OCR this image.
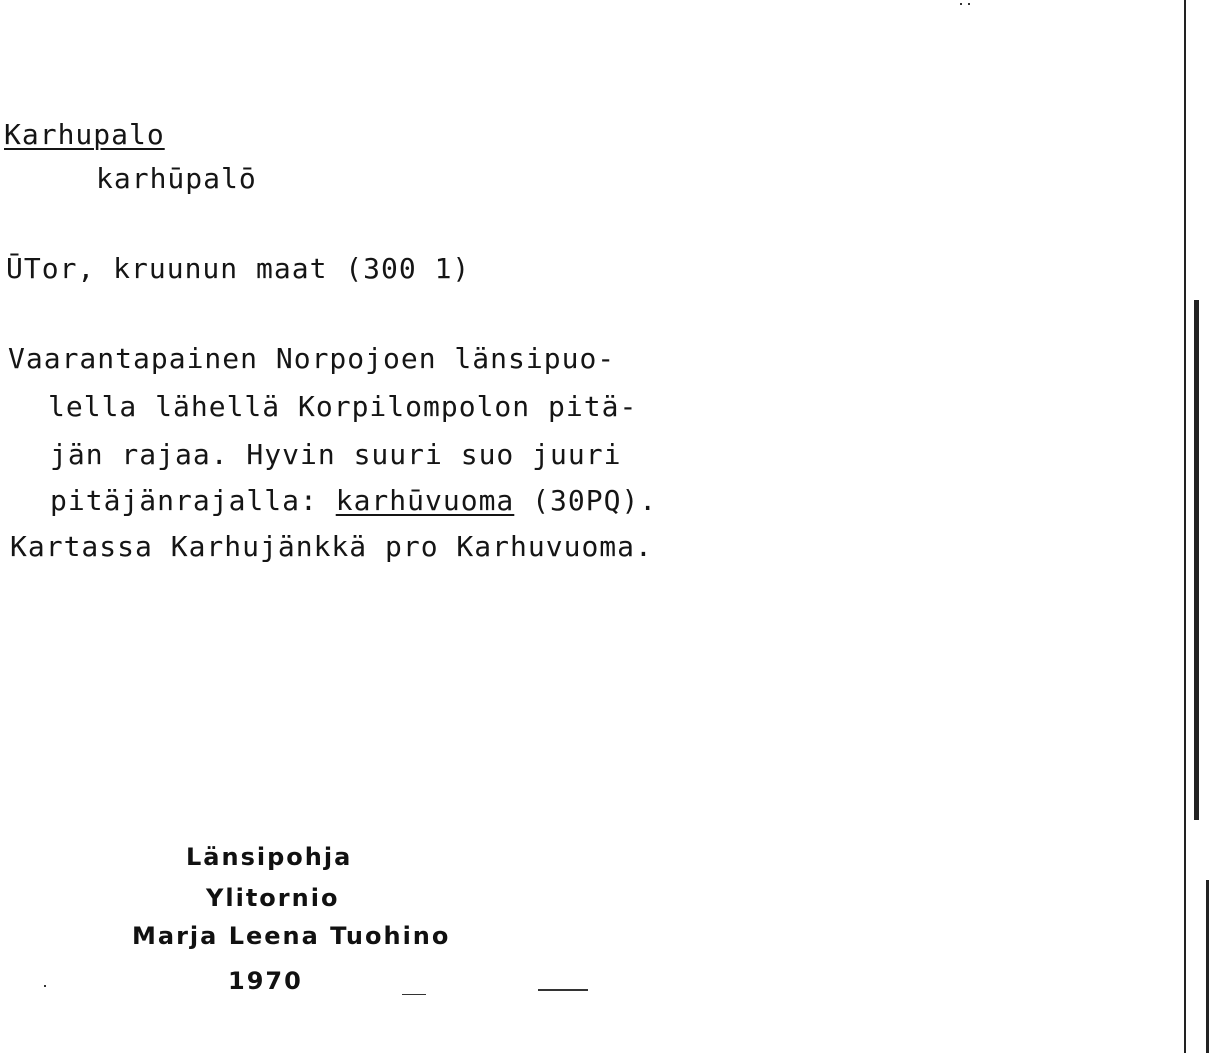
Karhupalo
karhūpalō
ŪTor, kruunun maat (300 1)
Vaarantapainen Norpojoen länsipuo-
lella lähellä Korpilompolon pitä-
jän rajaa. Hyvin suuri suo juuri
pitäjänrajalla: karhūvuoma (30PQ).
Kartassa Karhujänkkä pro Karhuvuoma.
Länsipohja
Ylitornio
Marja Leena Tuohino
1970
